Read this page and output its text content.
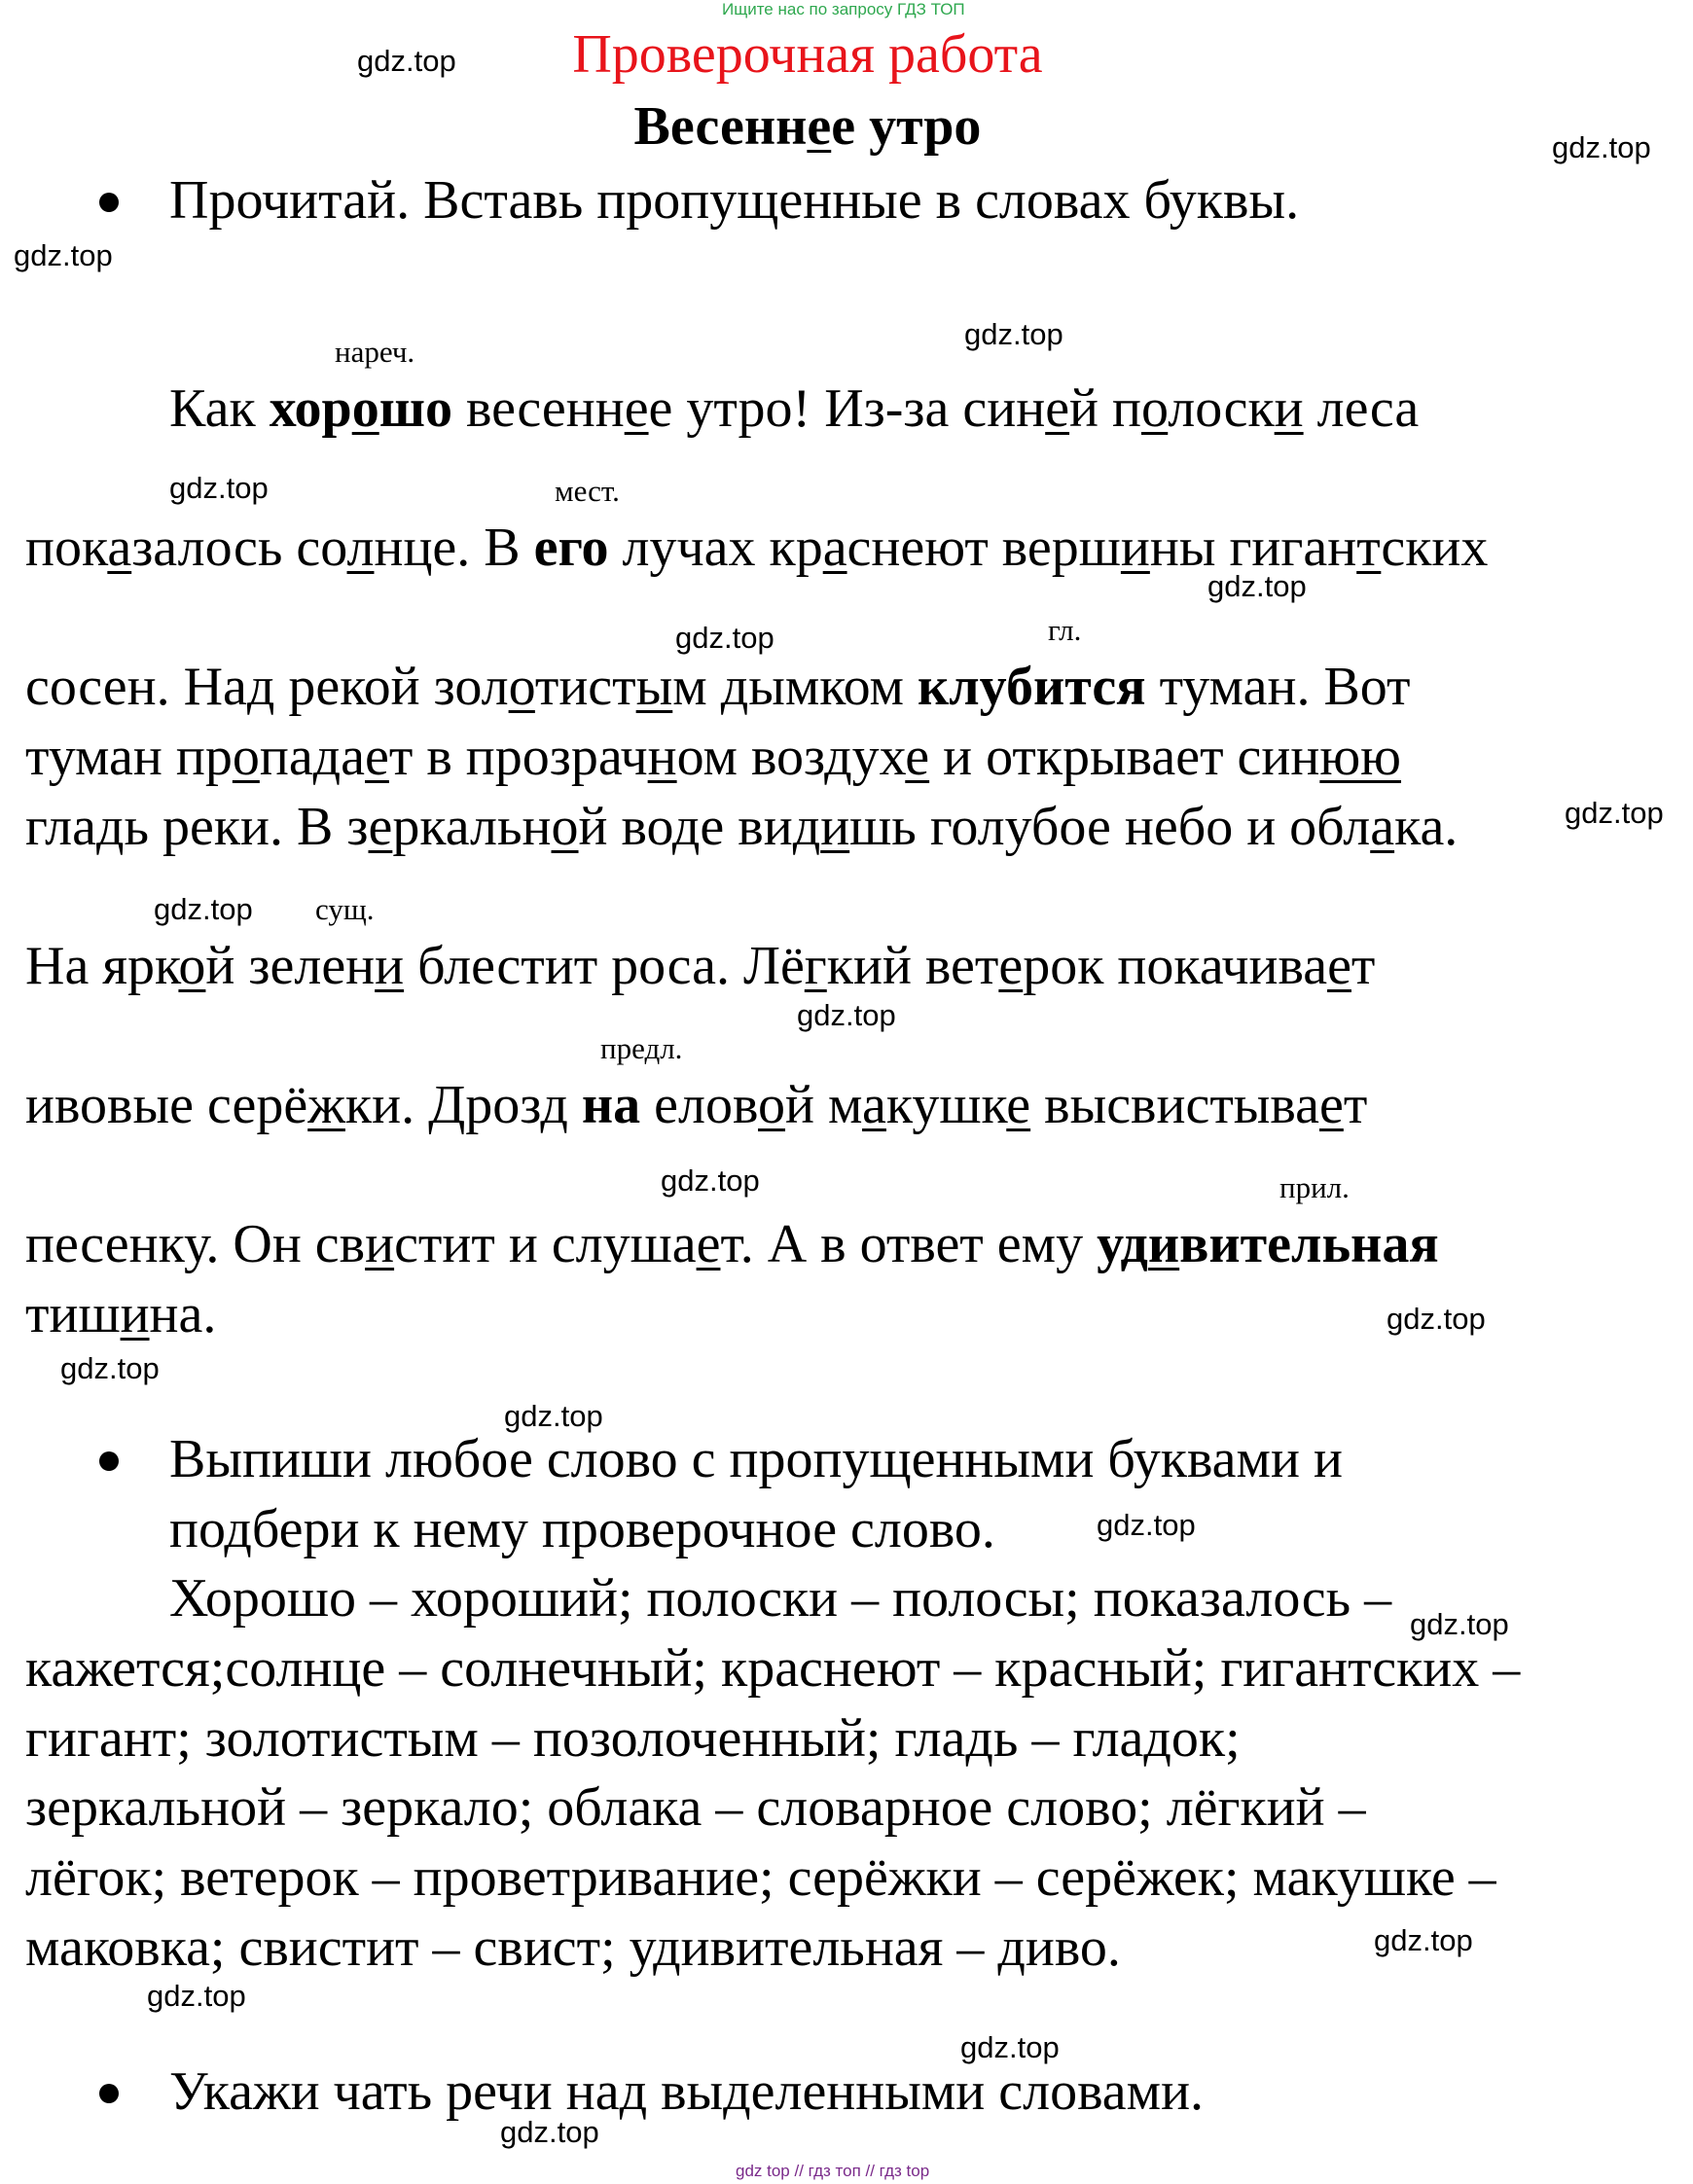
Ищите нас по запросу ГДЗ ТОП
Проверочная работа
Весеннее утро
Прочитай. Вставь пропущенные в словах буквы.
нареч.
мест.
гл.
сущ.
предл.
прил.
Как хорошо весеннее утро! Из-за синей полоски леса
показалось солнце. В его лучах краснеют вершины гигантских
сосен. Над рекой золотистым дымком клубится туман. Вот
туман пропадает в прозрачном воздухе и открывает синюю
гладь реки. В зеркальной воде видишь голубое небо и облака.
На яркой зелени блестит роса. Лёгкий ветерок покачивает
ивовые серёжки. Дрозд на еловой макушке высвистывает
песенку. Он свистит и слушает. А в ответ ему удивительная
тишина.
Выпиши любое слово с пропущенными буквами и
подбери к нему проверочное слово.
Хорошо – хороший; полоски – полосы; показалось –
кажется;солнце – солнечный; краснеют – красный; гигантских –
гигант; золотистым – позолоченный; гладь – гладок;
зеркальной – зеркало; облака – словарное слово; лёгкий –
лёгок; ветерок – проветривание; серёжки – серёжек; макушке –
маковка; свистит – свист; удивительная – диво.
Укажи чать речи над выделенными словами.
gdz.top
gdz.top
gdz.top
gdz.top
gdz.top
gdz.top
gdz.top
gdz.top
gdz.top
gdz.top
gdz.top
gdz.top
gdz.top
gdz.top
gdz.top
gdz.top
gdz.top
gdz.top
gdz.top
gdz.top
gdz top // гдз топ // гдз top
